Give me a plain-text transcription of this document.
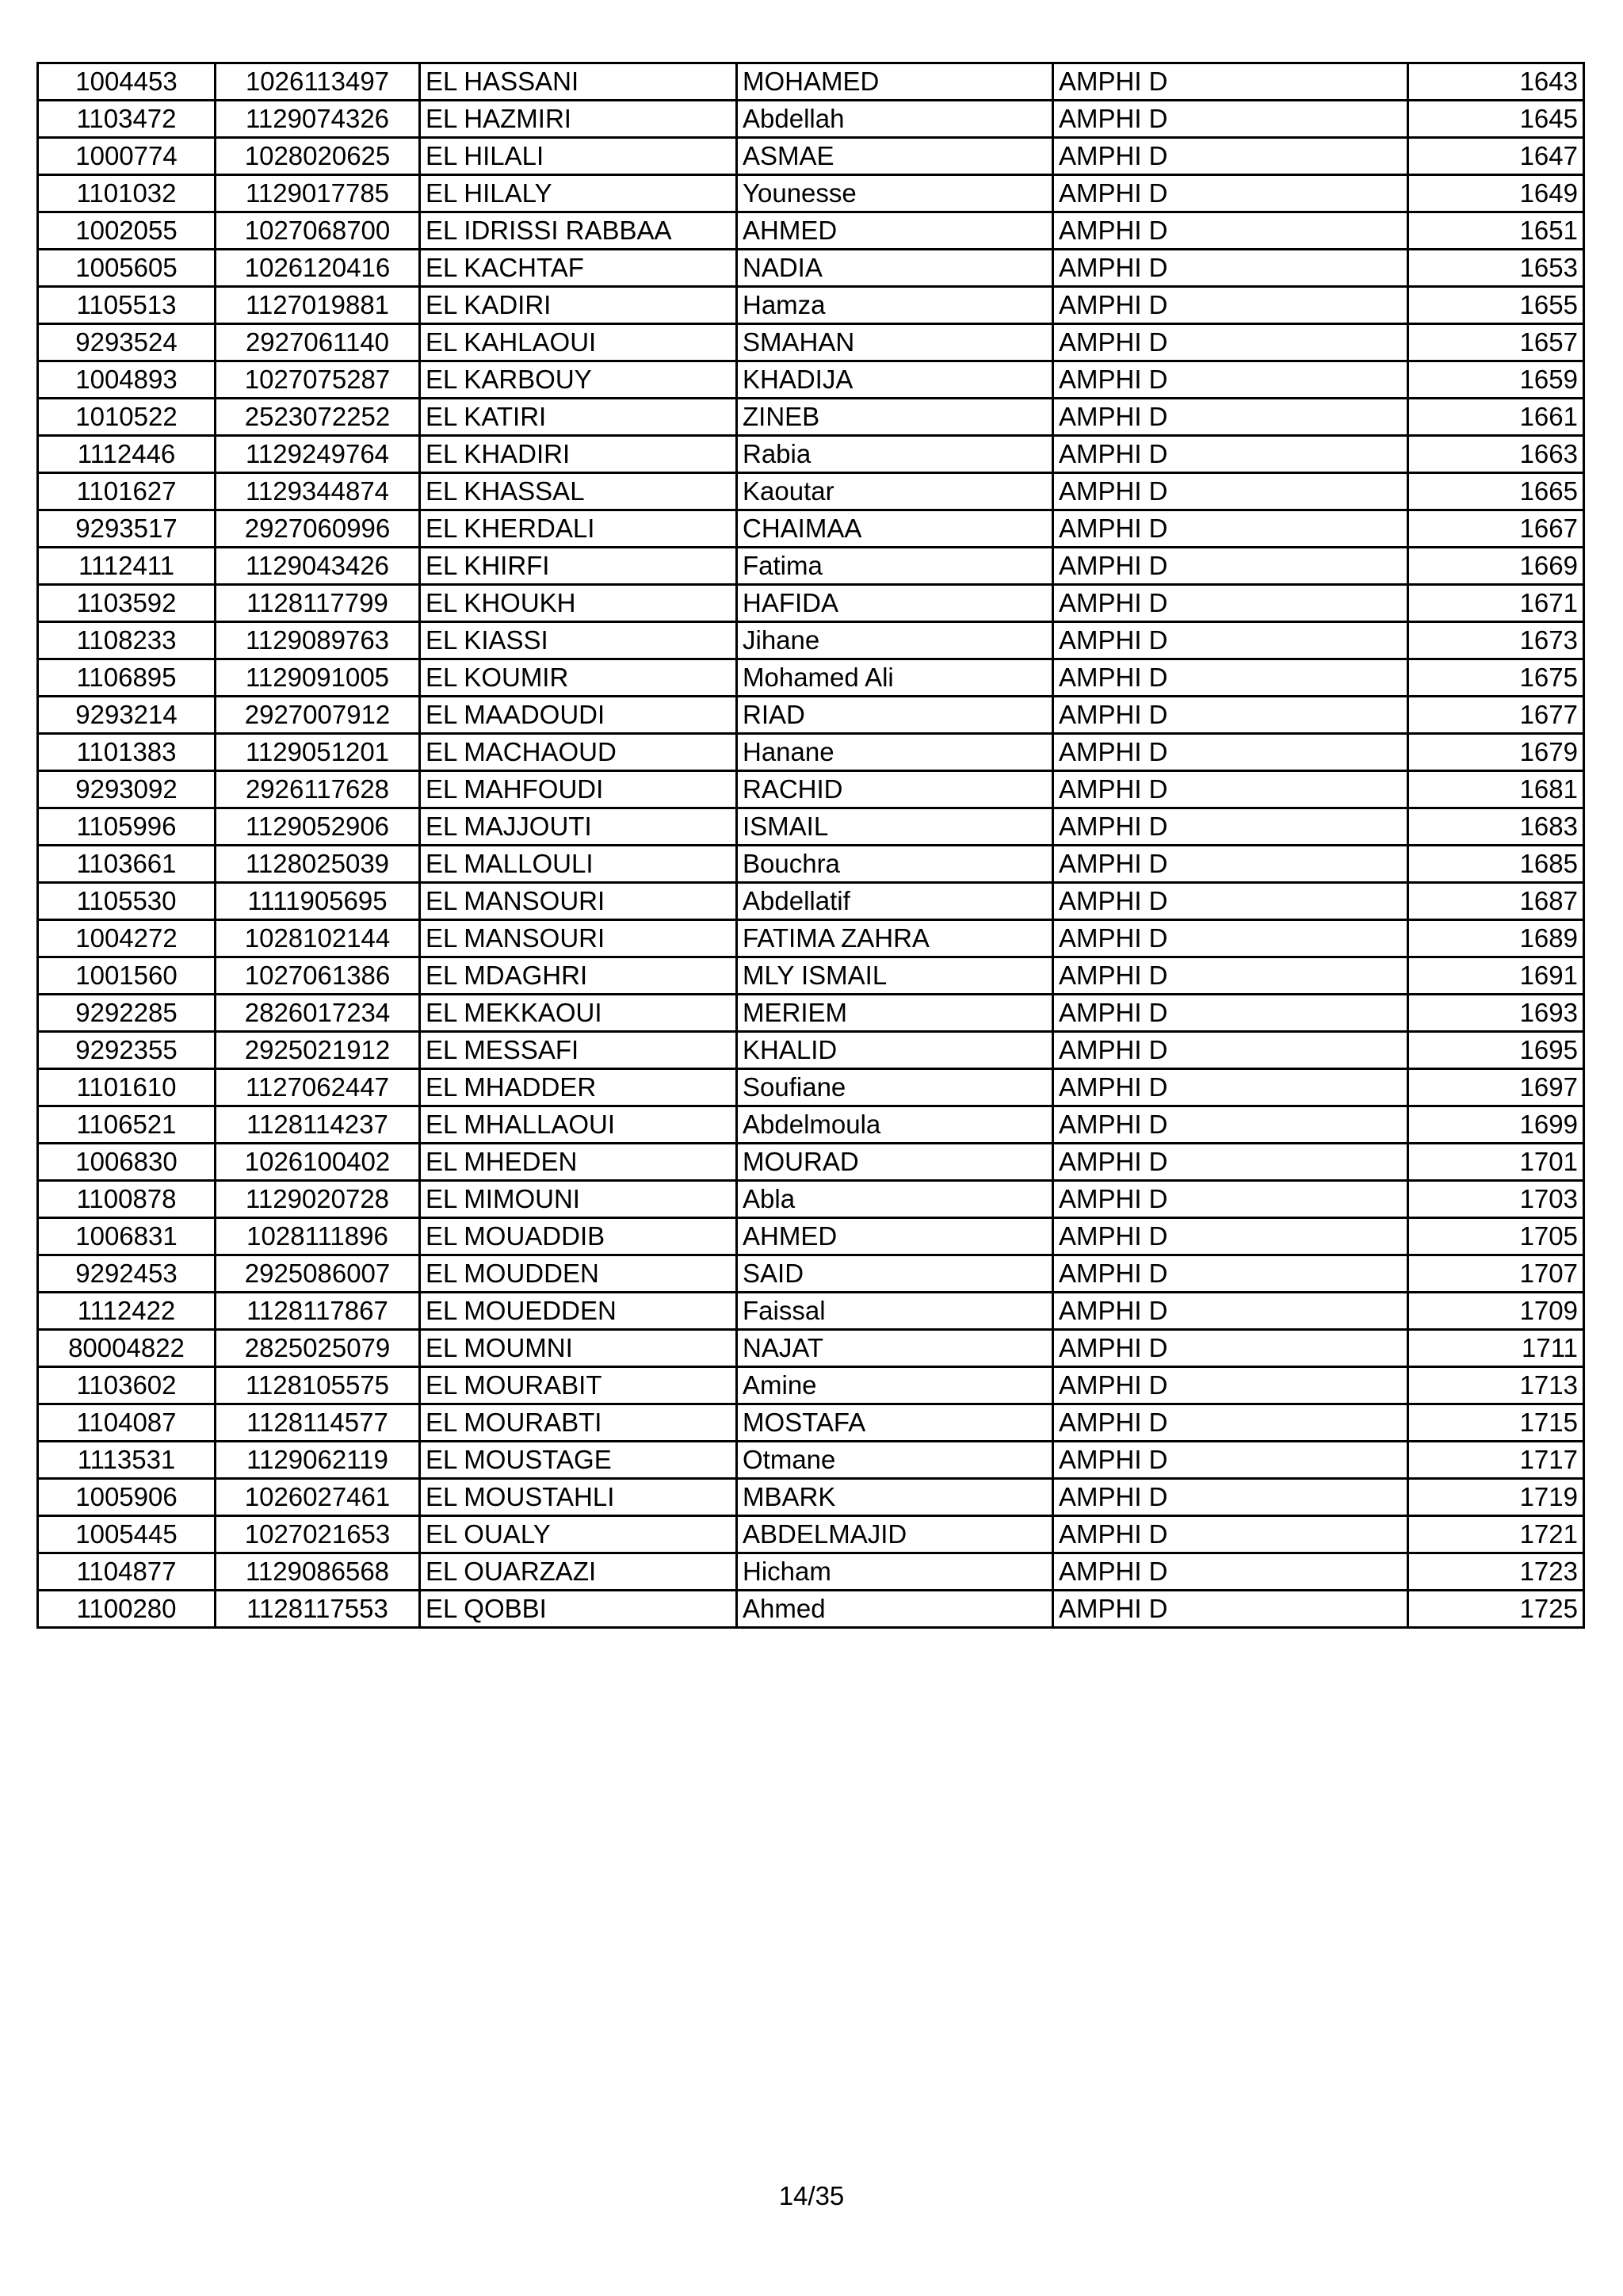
1004453	1026113497	EL HASSANI	MOHAMED	AMPHI D	1643
1103472	1129074326	EL HAZMIRI	Abdellah	AMPHI D	1645
1000774	1028020625	EL HILALI	ASMAE	AMPHI D	1647
1101032	1129017785	EL HILALY	Younesse	AMPHI D	1649
1002055	1027068700	EL IDRISSI RABBAA	AHMED	AMPHI D	1651
1005605	1026120416	EL KACHTAF	NADIA	AMPHI D	1653
1105513	1127019881	EL KADIRI	Hamza	AMPHI D	1655
9293524	2927061140	EL KAHLAOUI	SMAHAN	AMPHI D	1657
1004893	1027075287	EL KARBOUY	KHADIJA	AMPHI D	1659
1010522	2523072252	EL KATIRI	ZINEB	AMPHI D	1661
1112446	1129249764	EL KHADIRI	Rabia	AMPHI D	1663
1101627	1129344874	EL KHASSAL	Kaoutar	AMPHI D	1665
9293517	2927060996	EL KHERDALI	CHAIMAA	AMPHI D	1667
1112411	1129043426	EL KHIRFI	Fatima	AMPHI D	1669
1103592	1128117799	EL KHOUKH	HAFIDA	AMPHI D	1671
1108233	1129089763	EL KIASSI	Jihane	AMPHI D	1673
1106895	1129091005	EL KOUMIR	Mohamed Ali	AMPHI D	1675
9293214	2927007912	EL MAADOUDI	RIAD	AMPHI D	1677
1101383	1129051201	EL MACHAOUD	Hanane	AMPHI D	1679
9293092	2926117628	EL MAHFOUDI	RACHID	AMPHI D	1681
1105996	1129052906	EL MAJJOUTI	ISMAIL	AMPHI D	1683
1103661	1128025039	EL MALLOULI	Bouchra	AMPHI D	1685
1105530	1111905695	EL MANSOURI	Abdellatif	AMPHI D	1687
1004272	1028102144	EL MANSOURI	FATIMA ZAHRA	AMPHI D	1689
1001560	1027061386	EL MDAGHRI	MLY ISMAIL	AMPHI D	1691
9292285	2826017234	EL MEKKAOUI	MERIEM	AMPHI D	1693
9292355	2925021912	EL MESSAFI	KHALID	AMPHI D	1695
1101610	1127062447	EL MHADDER	Soufiane	AMPHI D	1697
1106521	1128114237	EL MHALLAOUI	Abdelmoula	AMPHI D	1699
1006830	1026100402	EL MHEDEN	MOURAD	AMPHI D	1701
1100878	1129020728	EL MIMOUNI	Abla	AMPHI D	1703
1006831	1028111896	EL MOUADDIB	AHMED	AMPHI D	1705
9292453	2925086007	EL MOUDDEN	SAID	AMPHI D	1707
1112422	1128117867	EL MOUEDDEN	Faissal	AMPHI D	1709
80004822	2825025079	EL MOUMNI	NAJAT	AMPHI D	1711
1103602	1128105575	EL MOURABIT	Amine	AMPHI D	1713
1104087	1128114577	EL MOURABTI	MOSTAFA	AMPHI D	1715
1113531	1129062119	EL MOUSTAGE	Otmane	AMPHI D	1717
1005906	1026027461	EL MOUSTAHLI	MBARK	AMPHI D	1719
1005445	1027021653	EL OUALY	ABDELMAJID	AMPHI D	1721
1104877	1129086568	EL OUARZAZI	Hicham	AMPHI D	1723
1100280	1128117553	EL QOBBI	Ahmed	AMPHI D	1725
14/35
